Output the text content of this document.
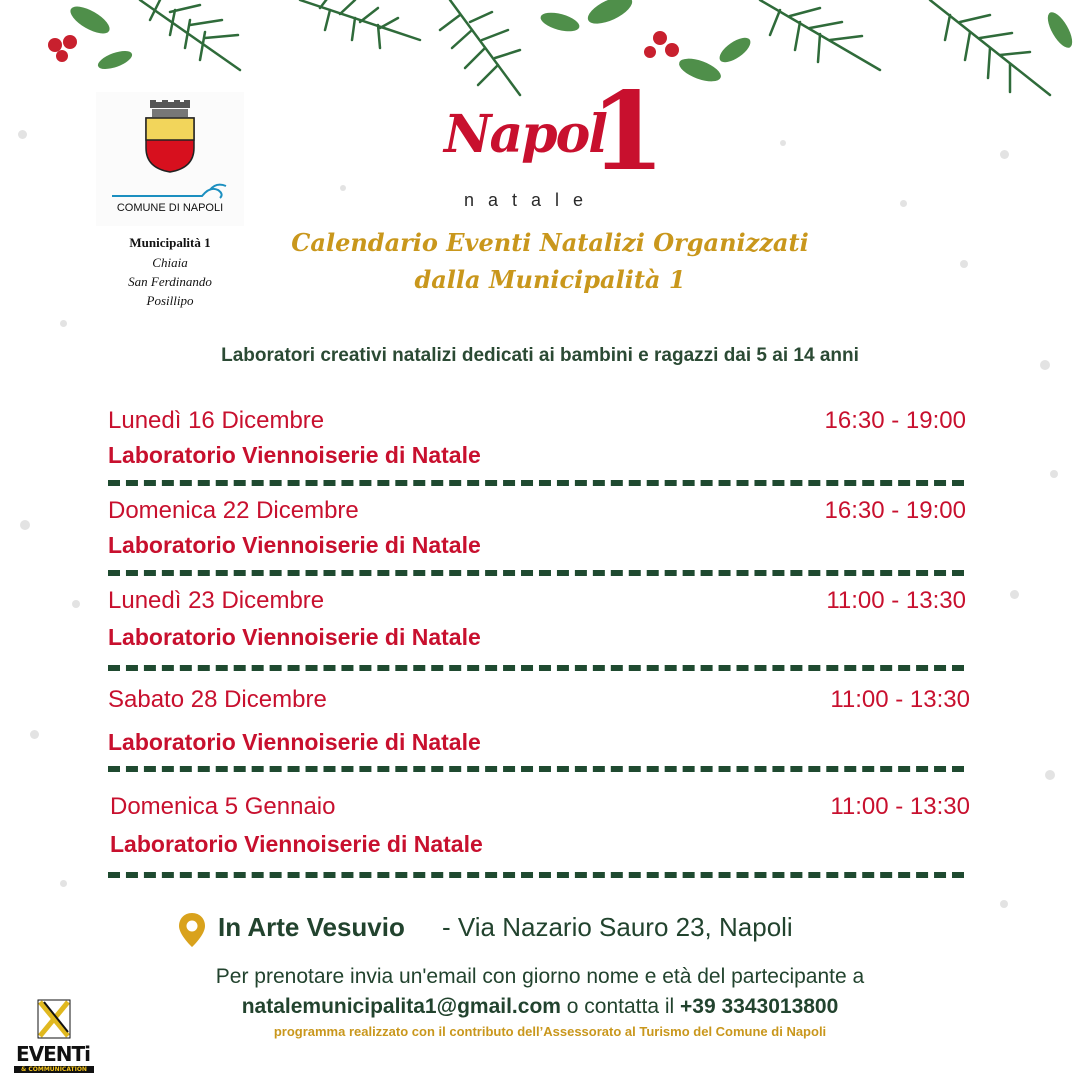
COMUNE DI NAPOLI
Municipalità 1
Chiaia
San Ferdinando
Posillipo
Napol
1
natale
Calendario Eventi Natalizi Organizzati
dalla Municipalità 1
Laboratori creativi natalizi dedicati ai bambini e ragazzi dai 5 ai 14 anni
Lunedì 16 Dicembre	16:30 - 19:00
Laboratorio Viennoiserie di Natale
Domenica 22 Dicembre	16:30 - 19:00
Laboratorio Viennoiserie di Natale
Lunedì 23 Dicembre	11:00 - 13:30
Laboratorio Viennoiserie di Natale
Sabato 28 Dicembre	11:00 - 13:30
Laboratorio Viennoiserie di Natale
Domenica 5 Gennaio	11:00 - 13:30
Laboratorio Viennoiserie di Natale
In Arte Vesuvio - Via Nazario Sauro 23, Napoli
Per prenotare invia un'email con giorno nome e età del partecipante a
natalemunicipalita1@gmail.com o contatta il +39 3343013800
programma realizzato con il contributo dell’Assessorato al Turismo del Comune di Napoli
EVENTi
& COMMUNICATION
